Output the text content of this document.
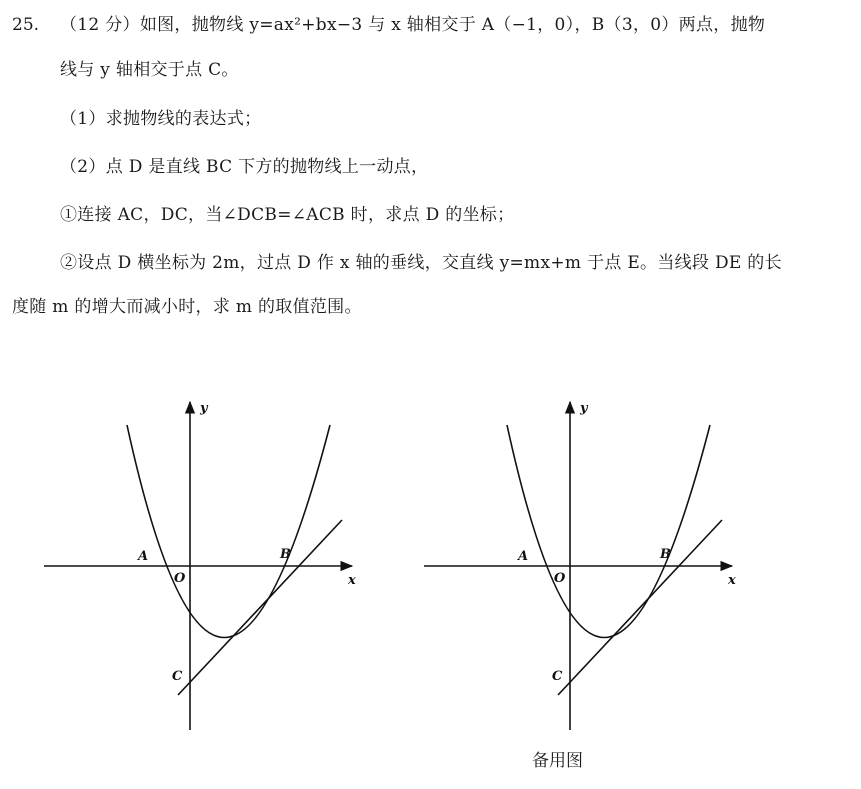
25. （12 分）如图，抛物线 y=ax²+bx−3 与 x 轴相交于 A（−1，0），B（3，0）两点，抛物
线与 y 轴相交于点 C。
（1）求抛物线的表达式；
（2）点 D 是直线 BC 下方的抛物线上一动点，
①连接 AC，DC，当∠DCB=∠ACB 时，求点 D 的坐标；
②设点 D 横坐标为 2m，过点 D 作 x 轴的垂线，交直线 y=mx+m 于点 E。当线段 DE 的长
度随 m 的增大而减小时，求 m 的取值范围。
y
x
O
A	B
C
y
x
O
A	B
C
备用图
